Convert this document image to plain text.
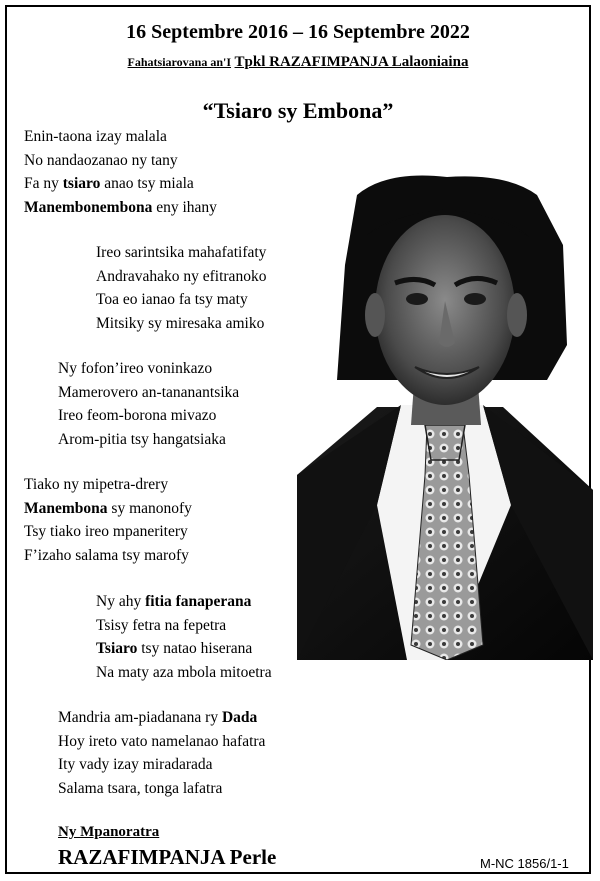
16 Septembre 2016 – 16 Septembre 2022
Fahatsiarovana an'I Tpkl RAZAFIMPANJA Lalaoniaina
“Tsiaro sy Embona”
Enin-taona izay malala
No nandaozanao ny tany
Fa ny tsiaro anao tsy miala
Manembonembona eny ihany
Ireo sarintsika mahafatifaty
Andravahako ny efitranoko
Toa eo ianao fa tsy maty
Mitsiky sy miresaka amiko
Ny fofon’ireo voninkazo
Mamerovero an-tananantsika
Ireo feom-borona mivazo
Arom-pitia tsy hangatsiaka
Tiako ny mipetra-drery
Manembona sy manonofy
Tsy tiako ireo mpaneritery
F’izaho salama tsy marofy
Ny ahy fitia fanaperana
Tsisy fetra na fepetra
Tsiaro tsy natao hiserana
Na maty aza mbola mitoetra
Mandria am-piadanana ry Dada
Hoy ireto vato namelanao hafatra
Ity vady izay miradarada
Salama tsara, tonga lafatra
Ny Mpanoratra
RAZAFIMPANJA Perle	M-NC 1856/1-1
